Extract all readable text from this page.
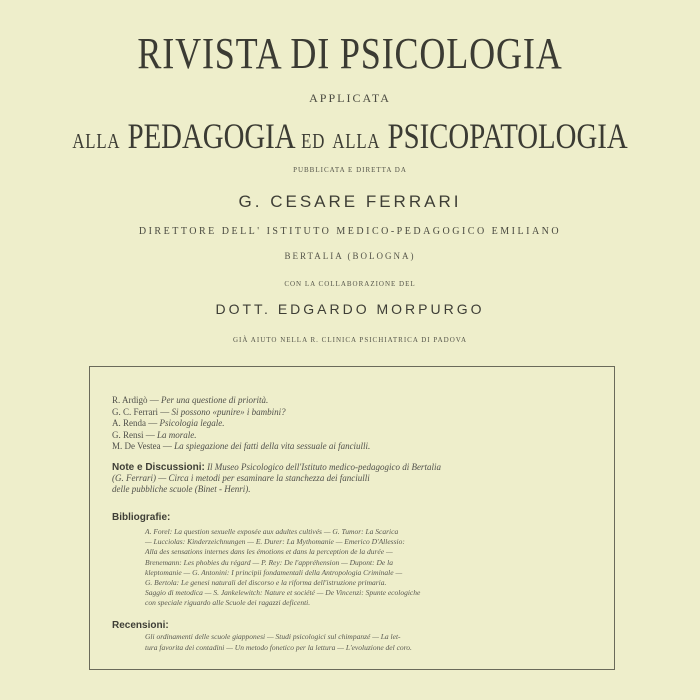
RIVISTA DI PSICOLOGIA
APPLICATA
ALLA PEDAGOGIA ED ALLA PSICOPATOLOGIA
PUBBLICATA E DIRETTA DA
G. CESARE FERRARI
DIRETTORE DELL' ISTITUTO MEDICO-PEDAGOGICO EMILIANO
BERTALIA (BOLOGNA)
CON LA COLLABORAZIONE DEL
DOTT. EDGARDO MORPURGO
GIÀ AIUTO NELLA R. CLINICA PSICHIATRICA DI PADOVA
R. Ardigò — Per una questione di priorità.
G. C. Ferrari — Si possono «punire» i bambini?
A. Renda — Psicologia legale.
G. Rensi — La morale.
M. De Vestea — La spiegazione dei fatti della vita sessuale ai fanciulli.
Note e Discussioni: Il Museo Psicologico dell'Istituto medico-pedagogico di Bertalia
(G. Ferrari) — Circa i metodi per esaminare la stanchezza dei fanciulli
delle pubbliche scuole (Binet - Henri).
Bibliografie:
A. Forel: La question sexuelle exposée aux adultes cultivés — G. Tumor: La Scarica
— Lucciolas: Kinderzeichnungen — E. Durer: La Mythomanie — Emerico D'Allessio:
Alla des sensations internes dans les émotions et dans la perception de la durée —
Brenemann: Les phobies du régard — P. Rey: De l'appréhension — Dupont: De la
kleptomanie — G. Antonini: I principii fondamentali della Antropologia Criminale —
G. Bertola: Le genesi naturali del discorso e la riforma dell'istruzione primaria.
Saggio di metodica — S. Jankelewitch: Nature et société — De Vincenzi: Spunte ecologiche
con speciale riguardo alle Scuole dei ragazzi deficenti.
Recensioni:
Gli ordinamenti delle scuole giapponesi — Studi psicologici sul chimpanzé — La let-
tura favorita dei contadini — Un metodo fonetico per la lettura — L'evoluzione del coro.
